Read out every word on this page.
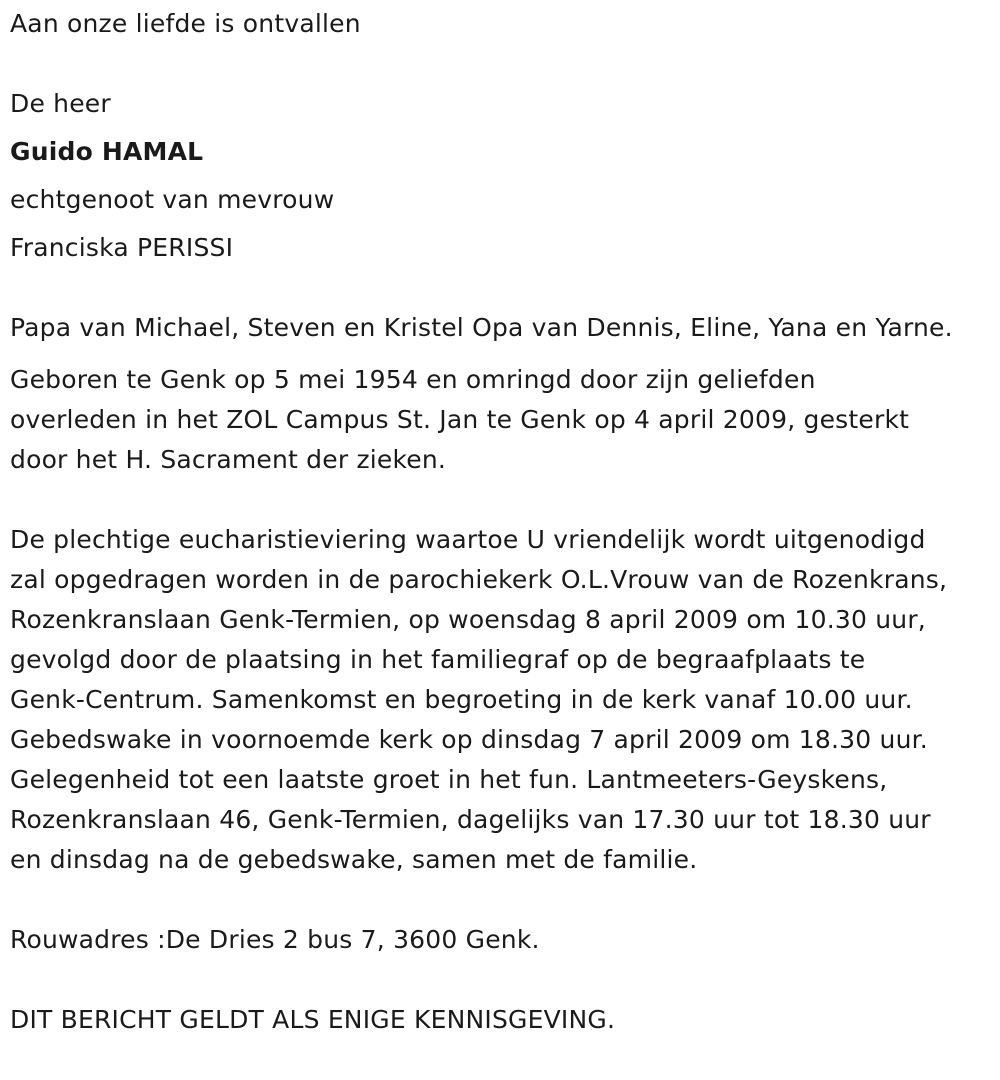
Aan onze liefde is ontvallen
De heer
Guido HAMAL
echtgenoot van mevrouw
Franciska PERISSI
Papa van Michael, Steven en Kristel Opa van Dennis, Eline, Yana en Yarne.
Geboren te Genk op 5 mei 1954 en omringd door zijn geliefden
overleden in het ZOL Campus St. Jan te Genk op 4 april 2009, gesterkt
door het H. Sacrament der zieken.
De plechtige eucharistieviering waartoe U vriendelijk wordt uitgenodigd
zal opgedragen worden in de parochiekerk O.L.Vrouw van de Rozenkrans,
Rozenkranslaan Genk-Termien, op woensdag 8 april 2009 om 10.30 uur,
gevolgd door de plaatsing in het familiegraf op de begraafplaats te
Genk-Centrum. Samenkomst en begroeting in de kerk vanaf 10.00 uur.
Gebedswake in voornoemde kerk op dinsdag 7 april 2009 om 18.30 uur.
Gelegenheid tot een laatste groet in het fun. Lantmeeters-Geyskens,
Rozenkranslaan 46, Genk-Termien, dagelijks van 17.30 uur tot 18.30 uur
en dinsdag na de gebedswake, samen met de familie.
Rouwadres :De Dries 2 bus 7, 3600 Genk.
DIT BERICHT GELDT ALS ENIGE KENNISGEVING.
